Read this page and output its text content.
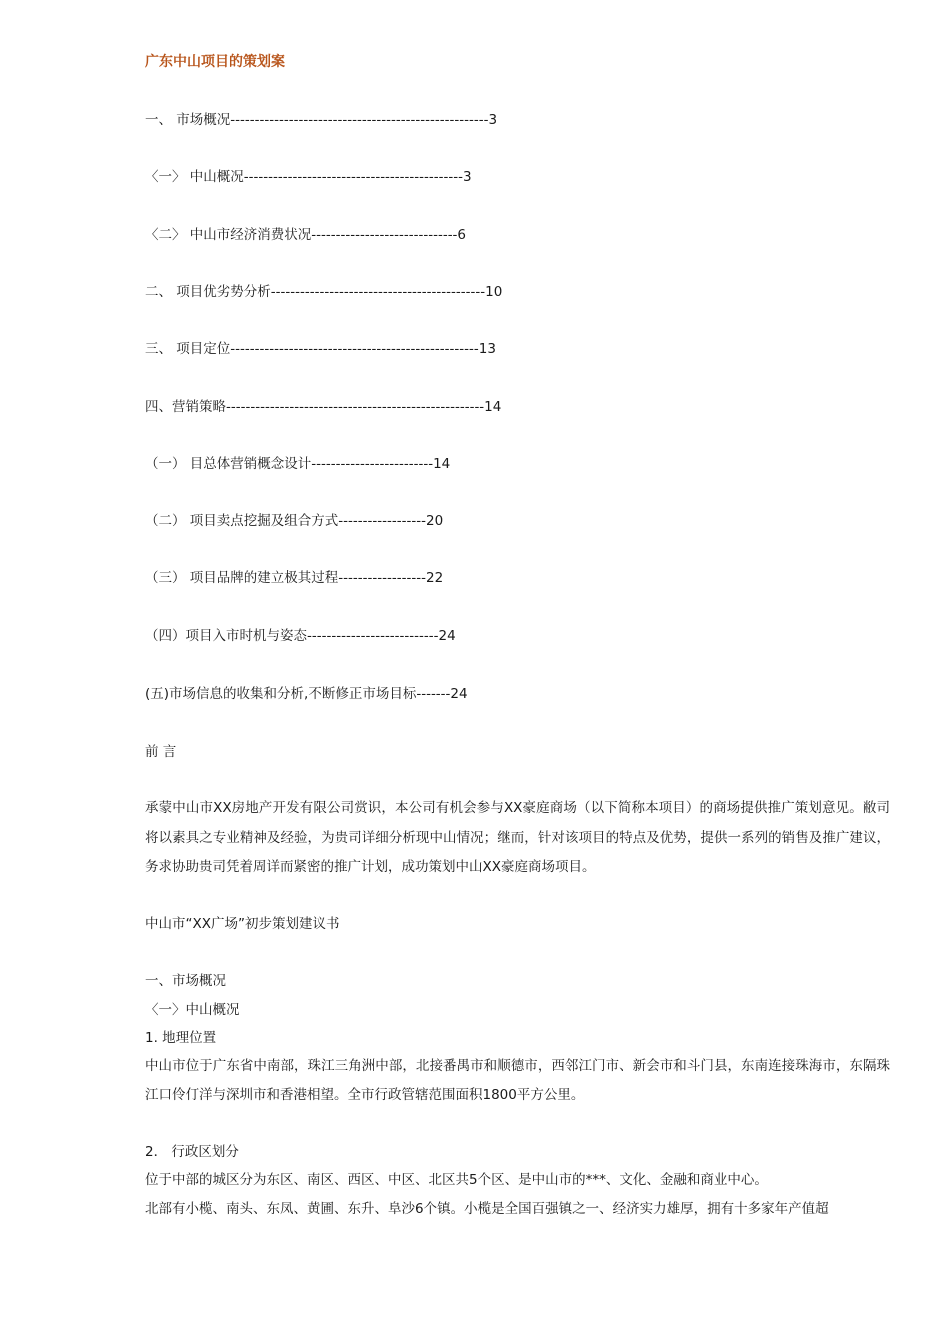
广东中山项目的策划案
一、 市场概况-----------------------------------------------------3
〈一〉 中山概况---------------------------------------------3
〈二〉 中山市经济消费状况------------------------------6
二、 项目优劣势分析--------------------------------------------10
三、 项目定位---------------------------------------------------13
四、营销策略-----------------------------------------------------14
（一） 目总体营销概念设计-------------------------14
（二） 项目卖点挖掘及组合方式------------------20
（三） 项目品牌的建立极其过程------------------22
（四）项目入市时机与姿态---------------------------24
(五)市场信息的收集和分析,不断修正市场目标-------24
前 言
承蒙中山市XX房地产开发有限公司赏识，本公司有机会参与XX豪庭商场（以下简称本项目）的商场提供推广策划意见。敝司将以素具之专业精神及经验，为贵司详细分析现中山情况；继而，针对该项目的特点及优势，提供一系列的销售及推广建议，务求协助贵司凭着周详而紧密的推广计划，成功策划中山XX豪庭商场项目。
中山市“XX广场”初步策划建议书
一、市场概况
〈一〉中山概况
1. 地理位置
中山市位于广东省中南部，珠江三角洲中部，北接番禺市和顺德市，西邻江门市、新会市和斗门县，东南连接珠海市，东隔珠江口伶仃洋与深圳市和香港相望。全市行政管辖范围面积1800平方公里。
2． 行政区划分
位于中部的城区分为东区、南区、西区、中区、北区共5个区、是中山市的***、文化、金融和商业中心。
北部有小榄、南头、东凤、黄圃、东升、阜沙6个镇。小榄是全国百强镇之一、经济实力雄厚，拥有十多家年产值超
